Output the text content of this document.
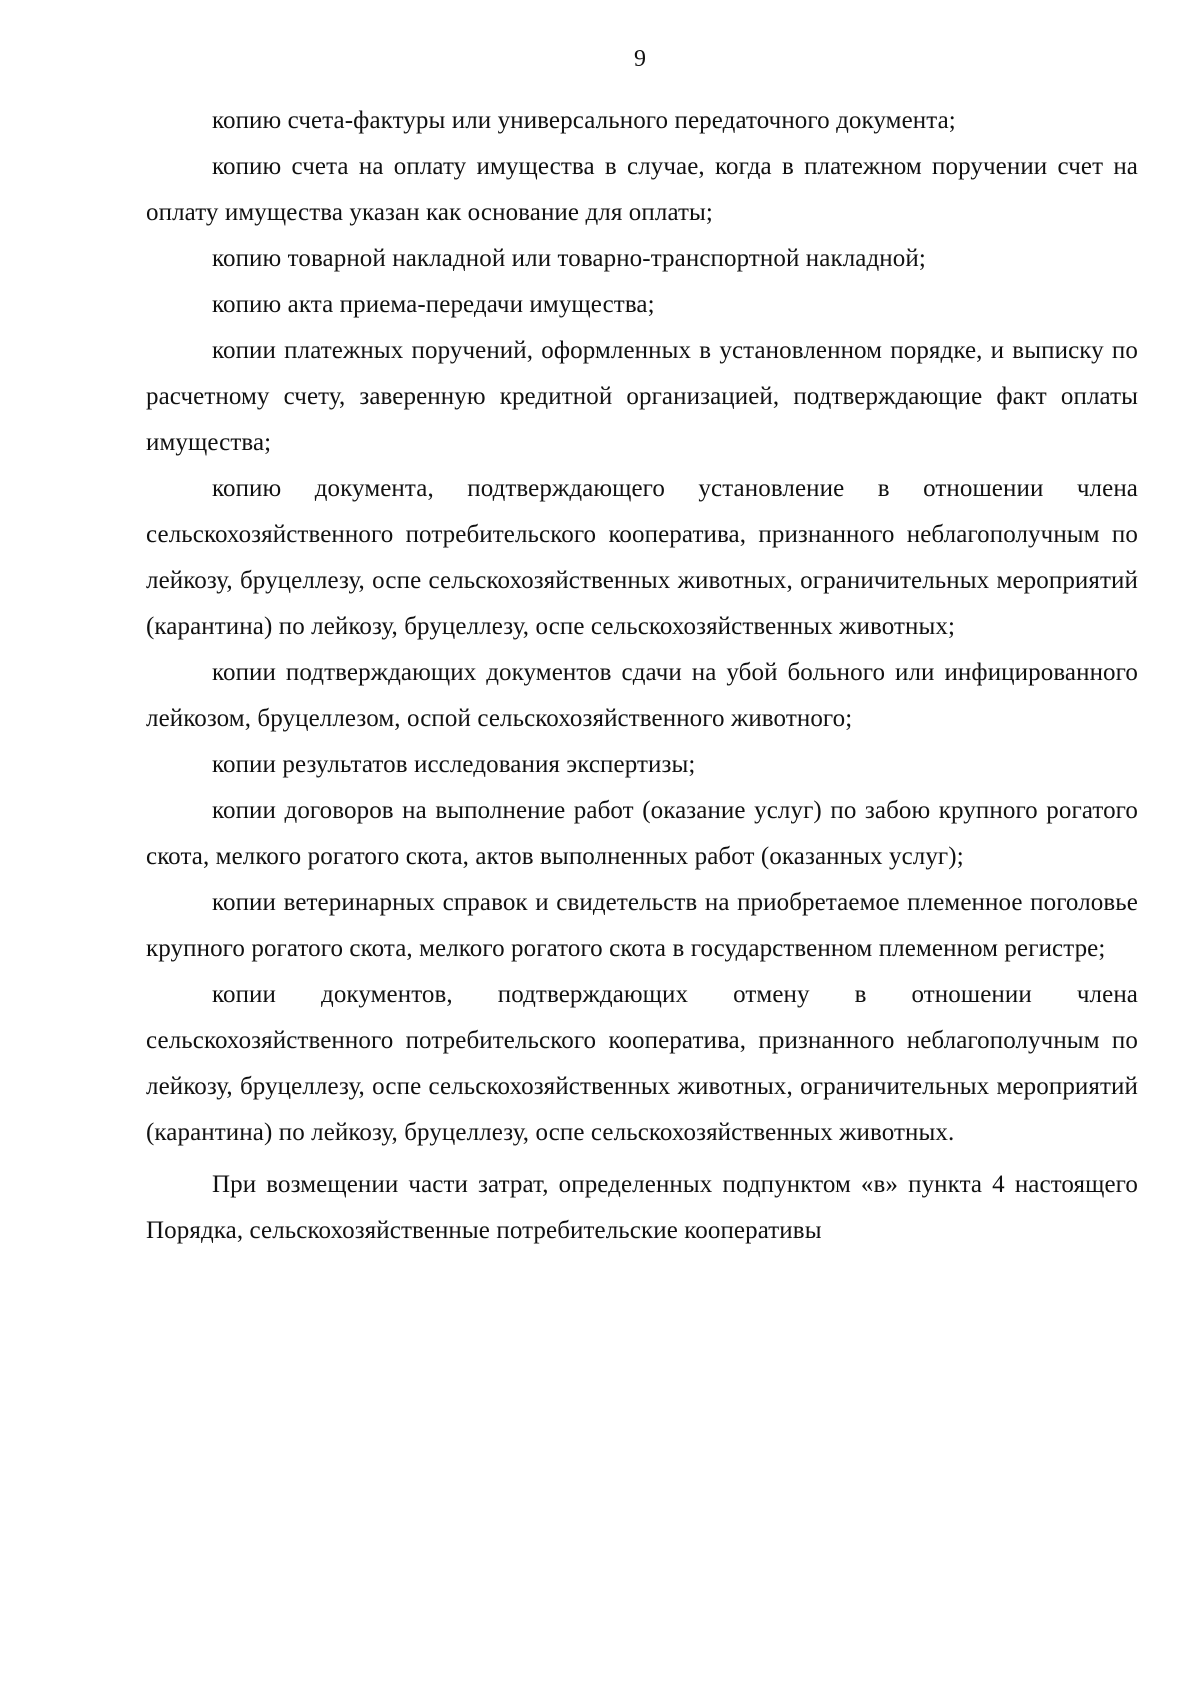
9

копию счета-фактуры или универсального передаточного документа;

копию счета на оплату имущества в случае, когда в платежном поручении счет на оплату имущества указан как основание для оплаты;

копию товарной накладной или товарно-транспортной накладной;

копию акта приема-передачи имущества;

копии платежных поручений, оформленных в установленном порядке, и выписку по расчетному счету, заверенную кредитной организацией, подтверждающие факт оплаты имущества;

копию документа, подтверждающего установление в отношении члена сельскохозяйственного потребительского кооператива, признанного неблагополучным по лейкозу, бруцеллезу, оспе сельскохозяйственных животных, ограничительных мероприятий (карантина) по лейкозу, бруцеллезу, оспе сельскохозяйственных животных;

копии подтверждающих документов сдачи на убой больного или инфицированного лейкозом, бруцеллезом, оспой сельскохозяйственного животного;

копии результатов исследования экспертизы;

копии договоров на выполнение работ (оказание услуг) по забою крупного рогатого скота, мелкого рогатого скота, актов выполненных работ (оказанных услуг);

копии ветеринарных справок и свидетельств на приобретаемое племенное поголовье крупного рогатого скота, мелкого рогатого скота в государственном племенном регистре;

копии документов, подтверждающих отмену в отношении члена сельскохозяйственного потребительского кооператива, признанного неблагополучным по лейкозу, бруцеллезу, оспе сельскохозяйственных животных, ограничительных мероприятий (карантина) по лейкозу, бруцеллезу, оспе сельскохозяйственных животных.

При возмещении части затрат, определенных подпунктом «в» пункта 4 настоящего Порядка, сельскохозяйственные потребительские кооперативы
